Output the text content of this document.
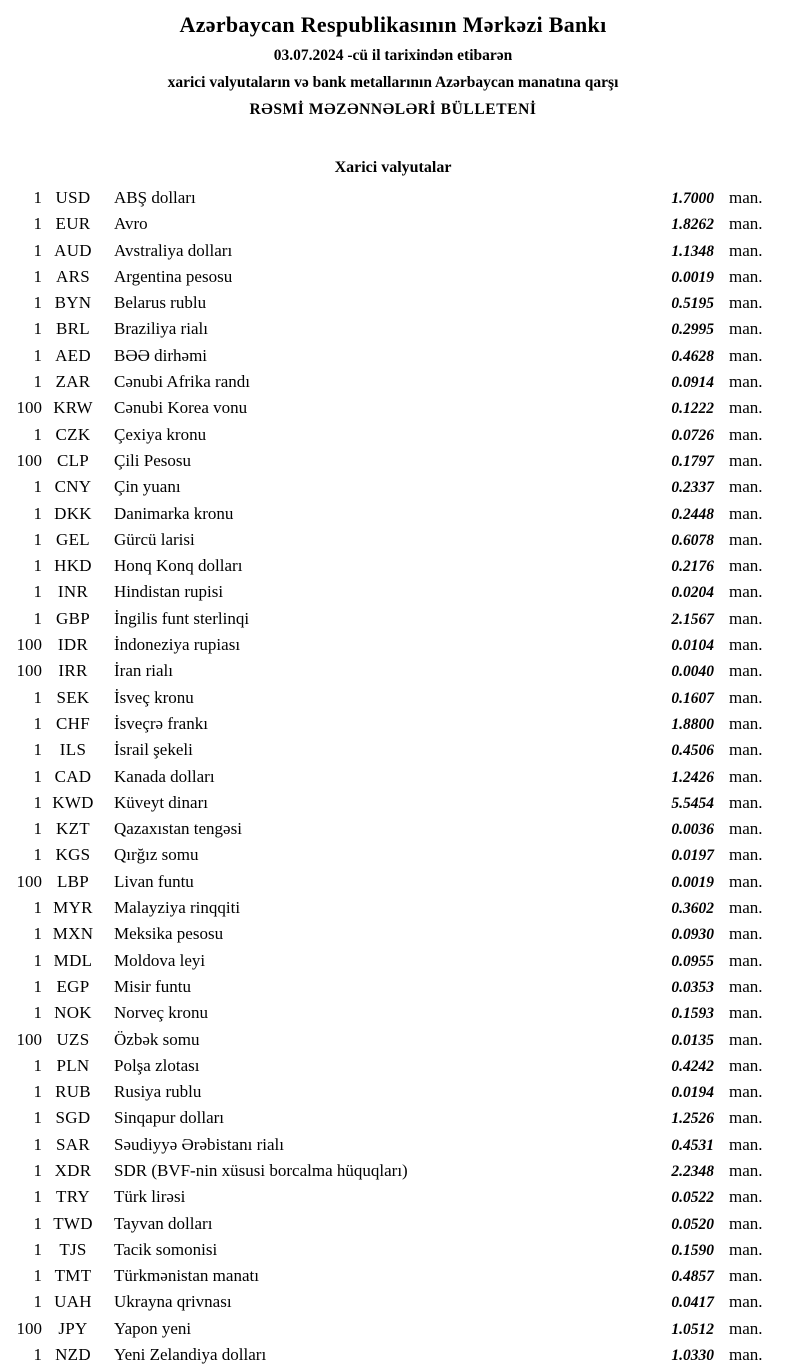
Azərbaycan Respublikasının Mərkəzi Bankı
03.07.2024 -cü il tarixindən etibarən
xarici valyutaların və bank metallarının Azərbaycan manatına qarşı
RƏSMİ MƏZƏNNƏLƏRİ BÜLLETENİ
Xarici valyutalar
1 USD	ABŞ dolları	1.7000 man.
1 EUR	Avro	1.8262 man.
1 AUD	Avstraliya dolları	1.1348 man.
1 ARS	Argentina pesosu	0.0019 man.
1 BYN	Belarus rublu	0.5195 man.
1 BRL	Braziliya rialı	0.2995 man.
1 AED	BƏƏ dirhəmi	0.4628 man.
1 ZAR	Cənubi Afrika randı	0.0914 man.
100 KRW	Cənubi Korea vonu	0.1222 man.
1 CZK	Çexiya kronu	0.0726 man.
100 CLP	Çili Pesosu	0.1797 man.
1 CNY	Çin yuanı	0.2337 man.
1 DKK	Danimarka kronu	0.2448 man.
1 GEL	Gürcü larisi	0.6078 man.
1 HKD	Honq Konq dolları	0.2176 man.
1 INR	Hindistan rupisi	0.0204 man.
1 GBP	İngilis funt sterlinqi	2.1567 man.
100 IDR	İndoneziya rupiası	0.0104 man.
100 IRR	İran rialı	0.0040 man.
1 SEK	İsveç kronu	0.1607 man.
1 CHF	İsveçrə frankı	1.8800 man.
1	ILS	İsrail şekeli	0.4506 man.
1 CAD	Kanada dolları	1.2426 man.
1 KWD	Küveyt dinarı	5.5454 man.
1 KZT	Qazaxıstan tengəsi	0.0036 man.
1 KGS	Qırğız somu	0.0197 man.
100 LBP	Livan funtu	0.0019 man.
1 MYR	Malayziya rinqqiti	0.3602 man.
1 MXN	Meksika pesosu	0.0930 man.
1 MDL	Moldova leyi	0.0955 man.
1 EGP	Misir funtu	0.0353 man.
1 NOK	Norveç kronu	0.1593 man.
100 UZS	Özbək somu	0.0135 man.
1 PLN	Polşa zlotası	0.4242 man.
1 RUB	Rusiya rublu	0.0194 man.
1 SGD	Sinqapur dolları	1.2526 man.
1 SAR	Səudiyyə Ərəbistanı rialı	0.4531 man.
1 XDR	SDR (BVF-nin xüsusi borcalma hüquqları)	2.2348 man.
1 TRY	Türk lirəsi	0.0522 man.
1 TWD	Tayvan dolları	0.0520 man.
1	TJS	Tacik somonisi	0.1590 man.
1 TMT	Türkmənistan manatı	0.4857 man.
1 UAH	Ukrayna qrivnası	0.0417 man.
100 JPY	Yapon yeni	1.0512 man.
1 NZD	Yeni Zelandiya dolları	1.0330 man.
